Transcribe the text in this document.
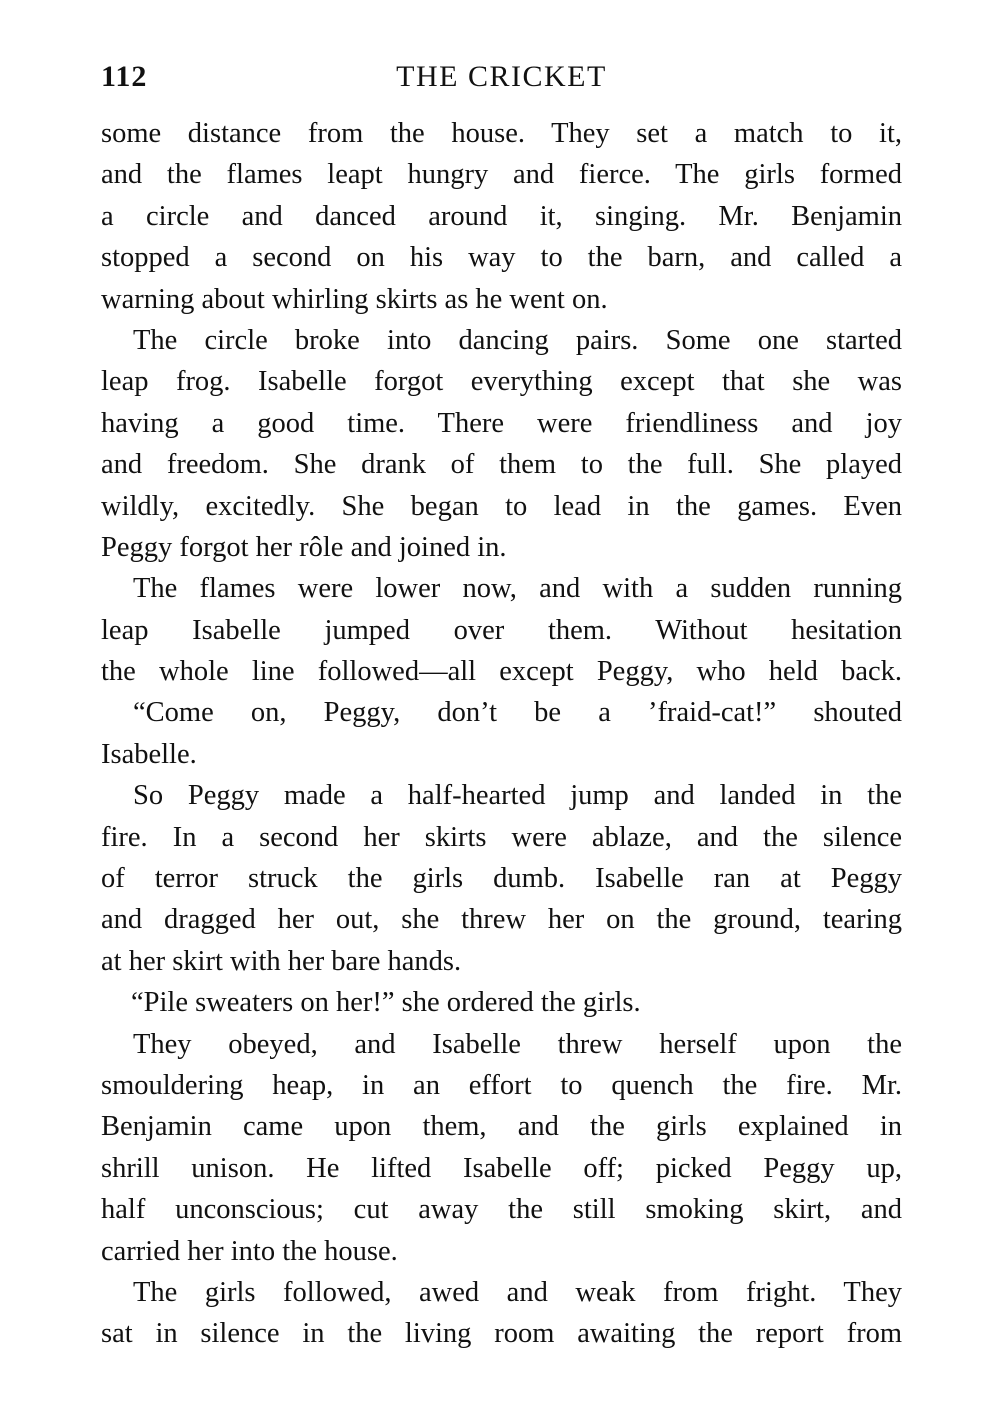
112	THE CRICKET
some distance from the house. They set a match to it,
and the flames leapt hungry and fierce. The girls formed
a circle and danced around it, singing. Mr. Benjamin
stopped a second on his way to the barn, and called a
warning about whirling skirts as he went on.
The circle broke into dancing pairs. Some one started
leap frog. Isabelle forgot everything except that she was
having a good time. There were friendliness and joy
and freedom. She drank of them to the full. She played
wildly, excitedly. She began to lead in the games. Even
Peggy forgot her rôle and joined in.
The flames were lower now, and with a sudden running
leap Isabelle jumped over them. Without hesitation
the whole line followed—all except Peggy, who held back.
“Come on, Peggy, don’t be a ’fraid-cat!” shouted
Isabelle.
So Peggy made a half-hearted jump and landed in the
fire. In a second her skirts were ablaze, and the silence
of terror struck the girls dumb. Isabelle ran at Peggy
and dragged her out, she threw her on the ground, tearing
at her skirt with her bare hands.
“Pile sweaters on her!” she ordered the girls.
They obeyed, and Isabelle threw herself upon the
smouldering heap, in an effort to quench the fire. Mr.
Benjamin came upon them, and the girls explained in
shrill unison. He lifted Isabelle off; picked Peggy up,
half unconscious; cut away the still smoking skirt, and
carried her into the house.
The girls followed, awed and weak from fright. They
sat in silence in the living room awaiting the report from
